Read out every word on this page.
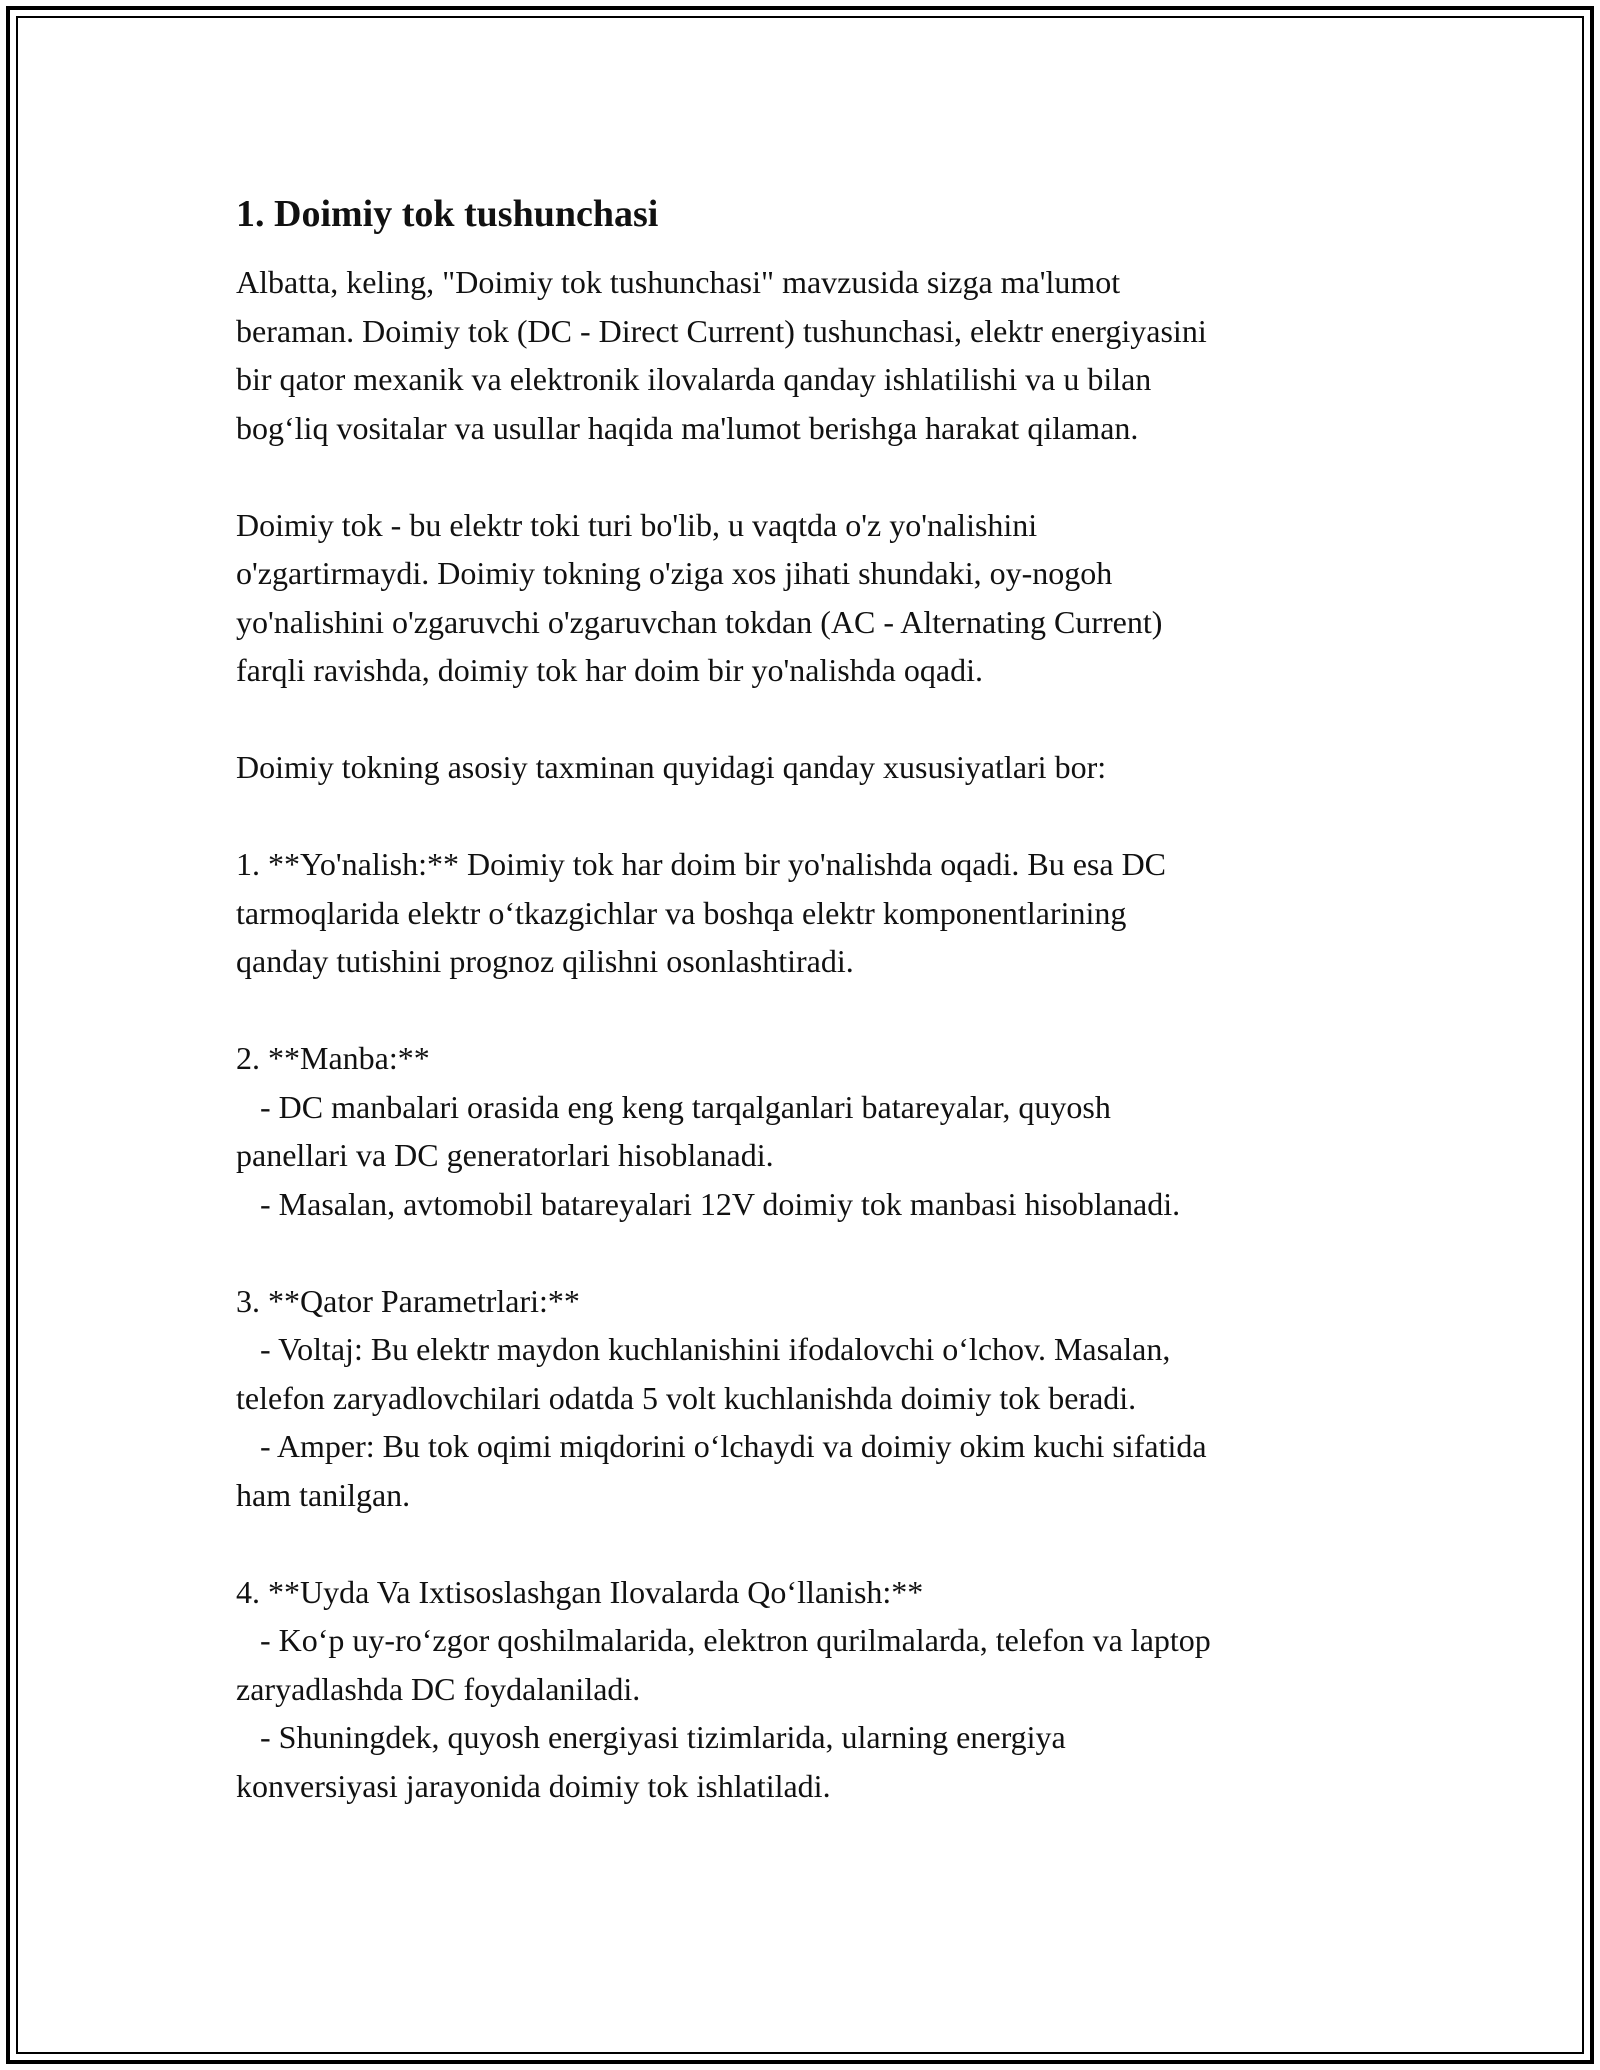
1. Doimiy tok tushunchasi

Albatta, keling, "Doimiy tok tushunchasi" mavzusida sizga ma'lumot
beraman. Doimiy tok (DC - Direct Current) tushunchasi, elektr energiyasini
bir qator mexanik va elektronik ilovalarda qanday ishlatilishi va u bilan
bog‘liq vositalar va usullar haqida ma'lumot berishga harakat qilaman.

Doimiy tok - bu elektr toki turi bo'lib, u vaqtda o'z yo'nalishini
o'zgartirmaydi. Doimiy tokning o'ziga xos jihati shundaki, oy-nogoh
yo'nalishini o'zgaruvchi o'zgaruvchan tokdan (AC - Alternating Current)
farqli ravishda, doimiy tok har doim bir yo'nalishda oqadi.

Doimiy tokning asosiy taxminan quyidagi qanday xususiyatlari bor:

1. **Yo'nalish:** Doimiy tok har doim bir yo'nalishda oqadi. Bu esa DC
tarmoqlarida elektr o‘tkazgichlar va boshqa elektr komponentlarining
qanday tutishini prognoz qilishni osonlashtiradi.

2. **Manba:**
- DC manbalari orasida eng keng tarqalganlari batareyalar, quyosh
panellari va DC generatorlari hisoblanadi.
- Masalan, avtomobil batareyalari 12V doimiy tok manbasi hisoblanadi.

3. **Qator Parametrlari:**
- Voltaj: Bu elektr maydon kuchlanishini ifodalovchi o‘lchov. Masalan,
telefon zaryadlovchilari odatda 5 volt kuchlanishda doimiy tok beradi.
- Amper: Bu tok oqimi miqdorini o‘lchaydi va doimiy okim kuchi sifatida
ham tanilgan.

4. **Uyda Va Ixtisoslashgan Ilovalarda Qo‘llanish:**
- Ko‘p uy-ro‘zgor qoshilmalarida, elektron qurilmalarda, telefon va laptop
zaryadlashda DC foydalaniladi.
- Shuningdek, quyosh energiyasi tizimlarida, ularning energiya
konversiyasi jarayonida doimiy tok ishlatiladi.
